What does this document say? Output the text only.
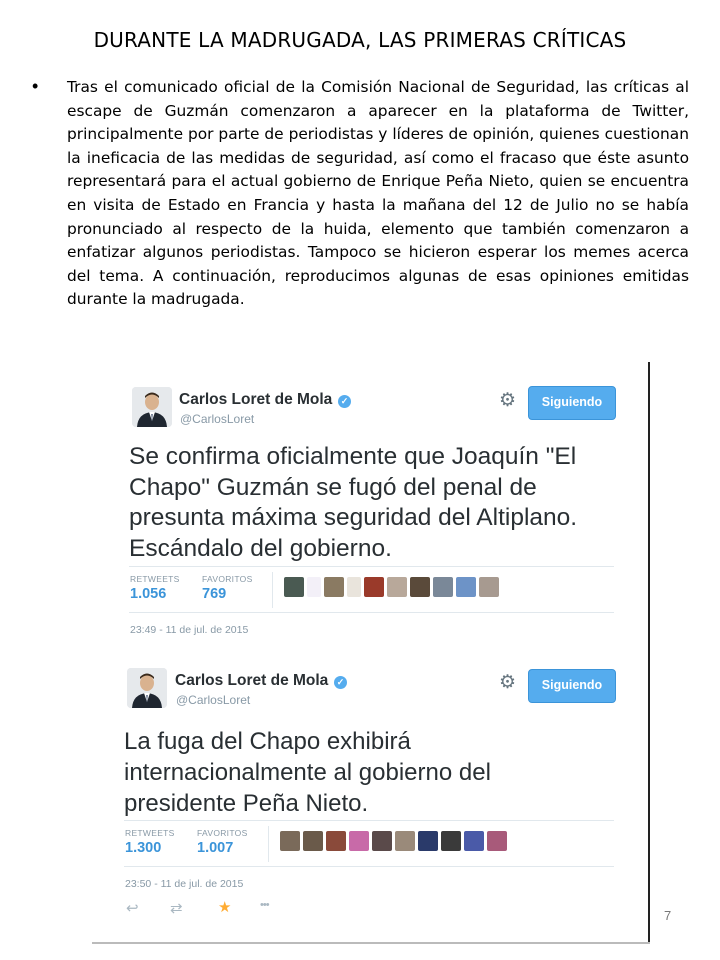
DURANTE LA MADRUGADA, LAS PRIMERAS CRÍTICAS
• Tras el comunicado oficial de la Comisión Nacional de Seguridad, las críticas al escape de Guzmán comenzaron a aparecer en la plataforma de Twitter, principalmente por parte de periodistas y líderes de opinión, quienes cuestionan la ineficacia de las medidas de seguridad, así como el fracaso que éste asunto representará para el actual gobierno de Enrique Peña Nieto, quien se encuentra en visita de Estado en Francia y hasta la mañana del 12 de Julio no se había pronunciado al respecto de la huida, elemento que también comenzaron a enfatizar algunos periodistas. Tampoco se hicieron esperar los memes acerca del tema. A continuación, reproducimos algunas de esas opiniones emitidas durante la madrugada.
Carlos Loret de Mola ✓
@CarlosLoret
⚙	Siguiendo
Se confirma oficialmente que Joaquín "El
Chapo" Guzmán se fugó del penal de
presunta máxima seguridad del Altiplano.
Escándalo del gobierno.
RETWEETS
1.056
FAVORITOS
769
23:49 - 11 de jul. de 2015
Carlos Loret de Mola ✓
@CarlosLoret
⚙	Siguiendo
La fuga del Chapo exhibirá
internacionalmente al gobierno del
presidente Peña Nieto.
RETWEETS
1.300
FAVORITOS
1.007
23:50 - 11 de jul. de 2015
↩ ⇄ ★	•••
7
